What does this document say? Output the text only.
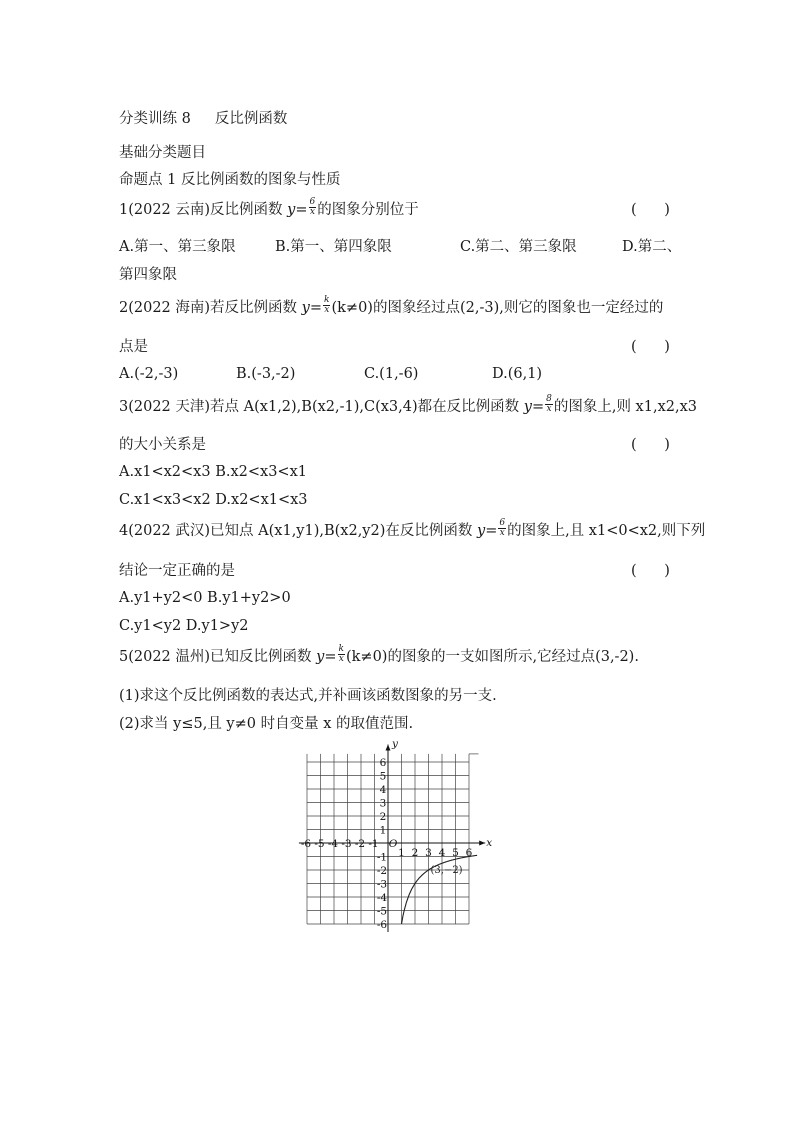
分类训练 8 反比例函数
基础分类题目
命题点 1 反比例函数的图象与性质
1(2022 云南)反比例函数 $y= \frac{6}{x}$ 的图象分别位于	(      )
A.第一、第三象限	B.第一、第四象限	C.第二、第三象限	D.第二、
第四象限
2(2022 海南)若反比例函数 $y= \frac{k}{x} (k\ne 0)$的图象经过点(2,-3),则它的图象也一定经过的
点是	(      )
A.(-2,-3)	B.(-3,-2)	C.(1,-6)	D.(6,1)
3(2022 天津)若点 A(x1,2),B(x2,-1),C(x3,4)都在反比例函数 $y= \frac{8}{x}$ 的图象上,则 x1,x2,x3
的大小关系是	(      )
A.x1<x2<x3 B.x2<x3<x1
C.x1<x3<x2 D.x2<x1<x3
4(2022 武汉)已知点 A(x1,y1),B(x2,y2)在反比例函数 $y= \frac{6}{x}$ 的图象上,且 x1<0<x2,则下列
结论一定正确的是	(      )
A.y1+y2<0 B.y1+y2>0
C.y1<y2 D.y1>y2
5(2022 温州)已知反比例函数 $y= \frac{k}{x} (k\ne 0)$的图象的一支如图所示,它经过点(3,-2).
(1)求这个反比例函数的表达式,并补画该函数图象的另一支.
(2)求当 y≤5,且 y≠0 时自变量 x 的取值范围.
x
y
O
-6 -5 -4 -3 -2 -1
1 2 3 4 5 6
6
5
4
3
2
1
-1
-2
-3
-4
-5
-6
(3,−2)
